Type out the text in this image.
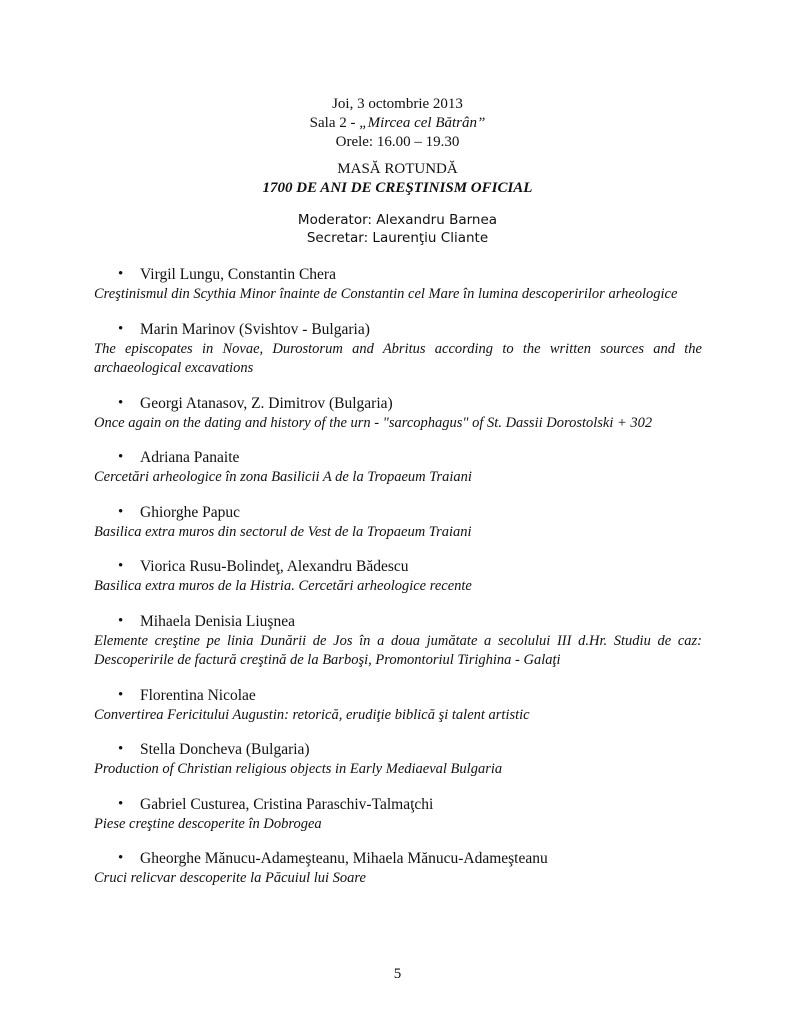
Joi, 3 octombrie 2013
Sala 2 - „Mircea cel Bătrân”
Orele: 16.00 – 19.30
MASĂ ROTUNDĂ
1700 DE ANI DE CREŞTINISM OFICIAL
Moderator: Alexandru Barnea
Secretar: Laurenţiu Cliante
• Virgil Lungu, Constantin Chera
Creştinismul din Scythia Minor înainte de Constantin cel Mare în lumina descoperirilor arheologice
• Marin Marinov (Svishtov - Bulgaria)
The episcopates in Novae, Durostorum and Abritus according to the written sources and the archaeological excavations
• Georgi Atanasov, Z. Dimitrov (Bulgaria)
Once again on the dating and history of the urn - "sarcophagus" of St. Dassii Dorostolski + 302
• Adriana Panaite
Cercetări arheologice în zona Basilicii A de la Tropaeum Traiani
• Ghiorghe Papuc
Basilica extra muros din sectorul de Vest de la Tropaeum Traiani
• Viorica Rusu-Bolindeţ, Alexandru Bădescu
Basilica extra muros de la Histria. Cercetări arheologice recente
• Mihaela Denisia Liuşnea
Elemente creştine pe linia Dunării de Jos în a doua jumătate a secolului III d.Hr. Studiu de caz: Descoperirile de factură creştină de la Barboşi, Promontoriul Tirighina - Galaţi
• Florentina Nicolae
Convertirea Fericitului Augustin: retorică, erudiţie biblică şi talent artistic
• Stella Doncheva (Bulgaria)
Production of Christian religious objects in Early Mediaeval Bulgaria
• Gabriel Custurea, Cristina Paraschiv-Talmaţchi
Piese creştine descoperite în Dobrogea
• Gheorghe Mănucu-Adameşteanu, Mihaela Mănucu-Adameşteanu
Cruci relicvar descoperite la Păcuiul lui Soare
5
